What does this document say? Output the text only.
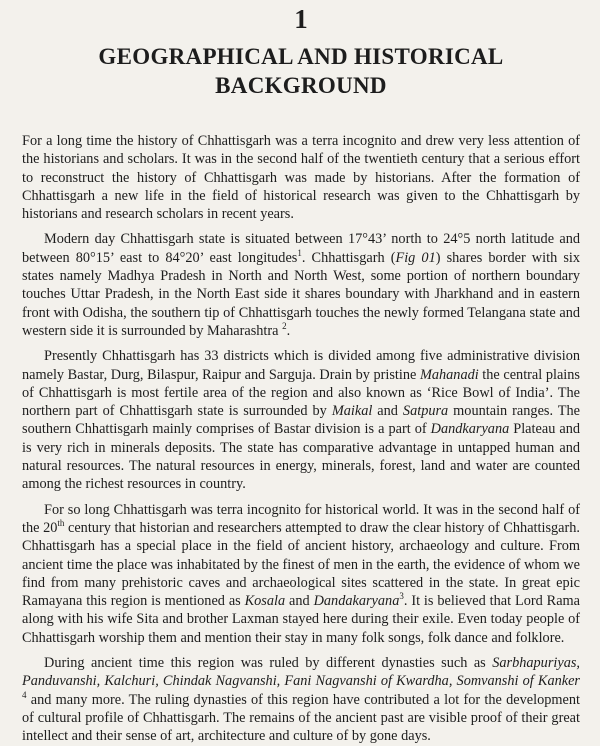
1
GEOGRAPHICAL AND HISTORICAL BACKGROUND

For a long time the history of Chhattisgarh was a terra incognito and drew very less attention of the historians and scholars. It was in the second half of the twentieth century that a serious effort to reconstruct the history of Chhattisgarh was made by historians. After the formation of Chhattisgarh a new life in the field of historical research was given to the Chhattisgarh by historians and research scholars in recent years.

Modern day Chhattisgarh state is situated between 17°43’ north to 24°5 north latitude and between 80°15’ east to 84°20’ east longitudes$^1$. Chhattisgarh (Fig 01) shares border with six states namely Madhya Pradesh in North and North West, some portion of northern boundary touches Uttar Pradesh, in the North East side it shares boundary with Jharkhand and in eastern front with Odisha, the southern tip of Chhattisgarh touches the newly formed Telangana state and western side it is surrounded by Maharashtra $^2$.

Presently Chhattisgarh has 33 districts which is divided among five administrative division namely Bastar, Durg, Bilaspur, Raipur and Sarguja. Drain by pristine Mahanadi the central plains of Chhattisgarh is most fertile area of the region and also known as ‘Rice Bowl of India’. The northern part of Chhattisgarh state is surrounded by Maikal and Satpura mountain ranges. The southern Chhattisgarh mainly comprises of Bastar division is a part of Dandkaryana Plateau and is very rich in minerals deposits. The state has comparative advantage in untapped human and natural resources. The natural resources in energy, minerals, forest, land and water are counted among the richest resources in country.

For so long Chhattisgarh was terra incognito for historical world. It was in the second half of the 20th century that historian and researchers attempted to draw the clear history of Chhattisgarh. Chhattisgarh has a special place in the field of ancient history, archaeology and culture. From ancient time the place was inhabitated by the finest of men in the earth, the evidence of whom we find from many prehistoric caves and archaeological sites scattered in the state. In great epic Ramayana this region is mentioned as Kosala and Dandakaryana$^3$. It is believed that Lord Rama along with his wife Sita and brother Laxman stayed here during their exile. Even today people of Chhattisgarh worship them and mention their stay in many folk songs, folk dance and folklore.

During ancient time this region was ruled by different dynasties such as Sarbhapuriyas, Panduvanshi, Kalchuri, Chindak Nagvanshi, Fani Nagvanshi of Kwardha, Somvanshi of Kanker $^4$ and many more. The ruling dynasties of this region have contributed a lot for the development of cultural profile of Chhattisgarh. The remains of the ancient past are visible proof of their great intellect and their sense of art, architecture and culture of by gone days.
